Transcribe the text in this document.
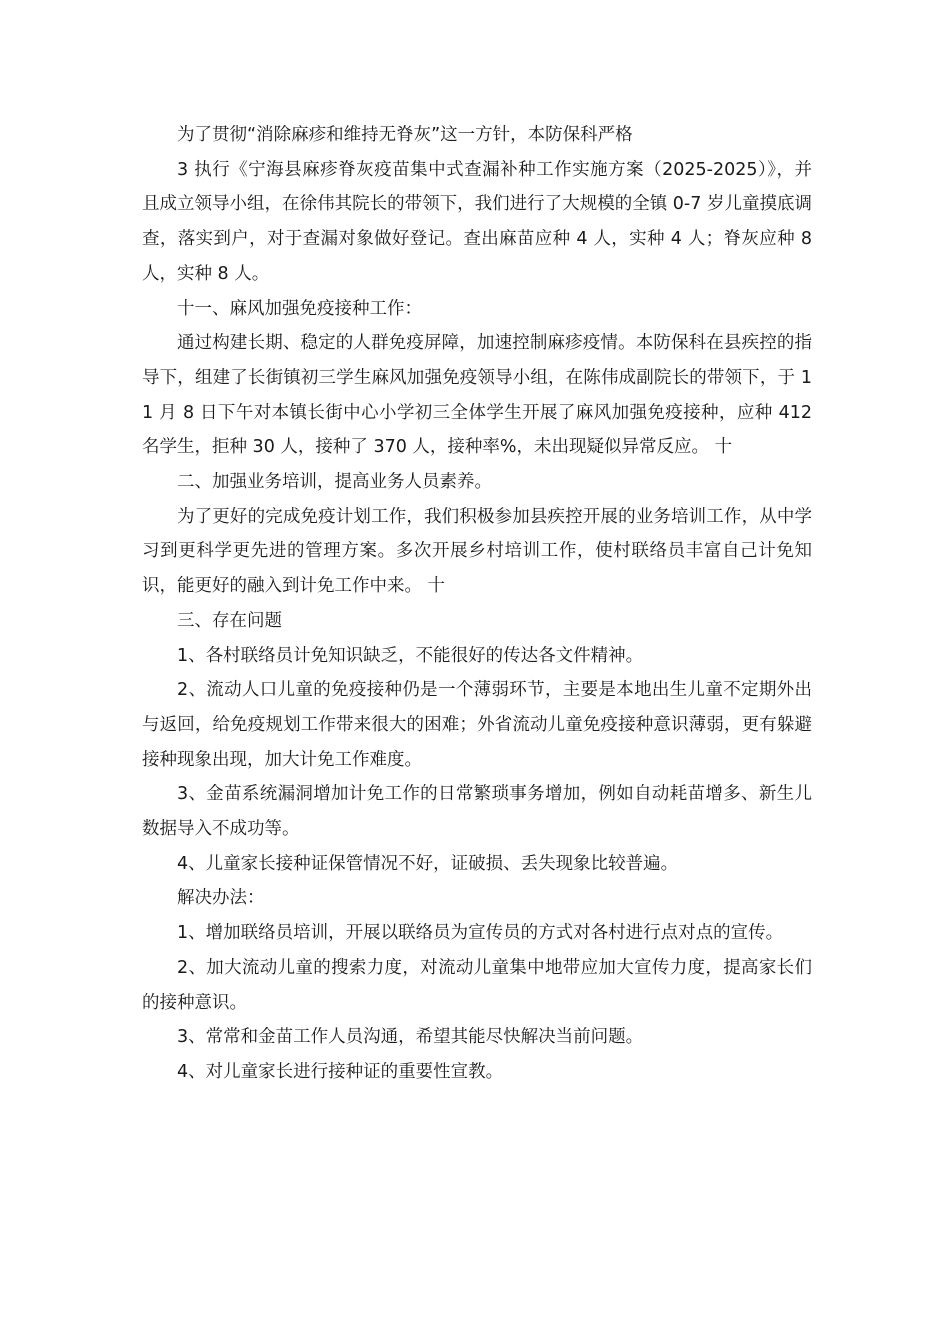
为了贯彻“消除麻疹和维持无脊灰”这一方针，本防保科严格

3 执行《宁海县麻疹脊灰疫苗集中式查漏补种工作实施方案（2025-2025）》，并且成立领导小组，在徐伟其院长的带领下，我们进行了大规模的全镇 0-7 岁儿童摸底调查，落实到户，对于查漏对象做好登记。查出麻苗应种 4 人，实种 4 人；脊灰应种 8 人，实种 8 人。

十一、麻风加强免疫接种工作：

通过构建长期、稳定的人群免疫屏障，加速控制麻疹疫情。本防保科在县疾控的指导下，组建了长街镇初三学生麻风加强免疫领导小组，在陈伟成副院长的带领下，于 11 月 8 日下午对本镇长街中心小学初三全体学生开展了麻风加强免疫接种，应种 412 名学生，拒种 30 人，接种了 370 人，接种率%，未出现疑似异常反应。 十

二、加强业务培训，提高业务人员素养。

为了更好的完成免疫计划工作，我们积极参加县疾控开展的业务培训工作，从中学习到更科学更先进的管理方案。多次开展乡村培训工作，使村联络员丰富自己计免知识，能更好的融入到计免工作中来。 十

三、存在问题

1、各村联络员计免知识缺乏，不能很好的传达各文件精神。

2、流动人口儿童的免疫接种仍是一个薄弱环节，主要是本地出生儿童不定期外出与返回，给免疫规划工作带来很大的困难；外省流动儿童免疫接种意识薄弱，更有躲避接种现象出现，加大计免工作难度。

3、金苗系统漏洞增加计免工作的日常繁琐事务增加，例如自动耗苗增多、新生儿数据导入不成功等。

4、儿童家长接种证保管情况不好，证破损、丢失现象比较普遍。

解决办法：

1、增加联络员培训，开展以联络员为宣传员的方式对各村进行点对点的宣传。

2、加大流动儿童的搜索力度，对流动儿童集中地带应加大宣传力度，提高家长们的接种意识。

3、常常和金苗工作人员沟通，希望其能尽快解决当前问题。

4、对儿童家长进行接种证的重要性宣教。
